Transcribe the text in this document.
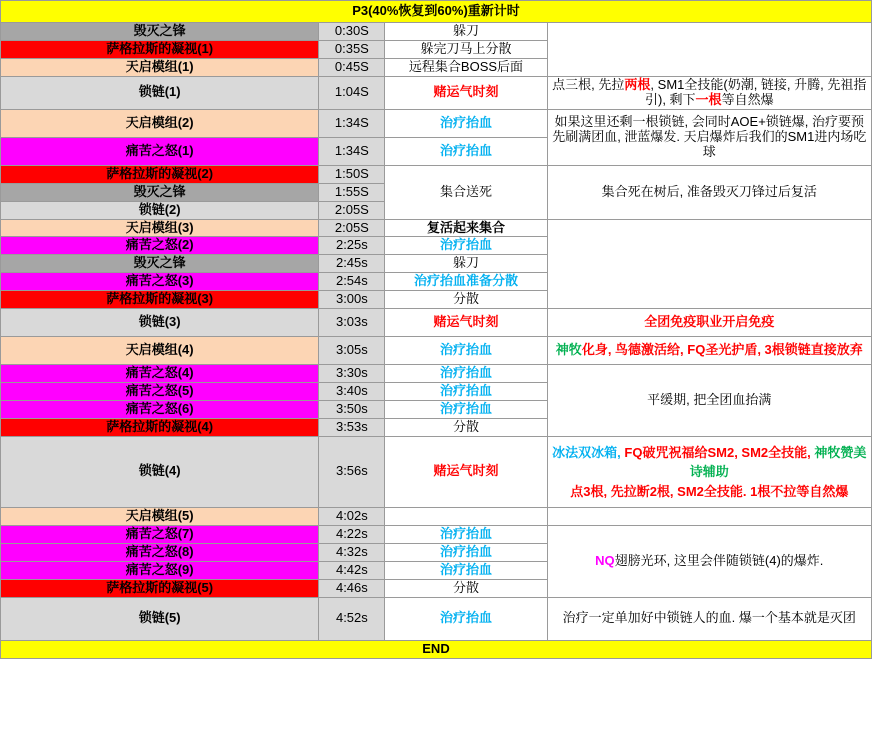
P3(40%恢复到60%)重新计时			
毁灭之锋	0:30S	躲刀	
萨格拉斯的凝视(1)	0:35S	躲完刀马上分散	
天启模组(1)	0:45S	远程集合BOSS后面	
锁链(1)	1:04S	赌运气时刻	点三根, 先拉两根, SM1全技能(奶潮, 链接, 升腾, 先祖指引), 剩下一根等自然爆
天启模组(2)	1:34S	治疗抬血	如果这里还剩一根锁链, 会同时AOE+锁链爆, 治疗要预先刷满团血, 泄蓝爆发. 天启爆炸后我们的SM1进内场吃球
痛苦之怒(1)	1:34S	治疗抬血	
萨格拉斯的凝视(2)	1:50S	集合送死	集合死在树后, 准备毁灭刀锋过后复活
毁灭之锋	1:55S		
锁链(2)	2:05S		
天启模组(3)	2:05S	复活起来集合	
痛苦之怒(2)	2:25s	治疗抬血	
毁灭之锋	2:45s	躲刀	
痛苦之怒(3)	2:54s	治疗抬血准备分散	
萨格拉斯的凝视(3)	3:00s	分散	
锁链(3)	3:03s	赌运气时刻	全团免疫职业开启免疫
天启模组(4)	3:05s	治疗抬血	神牧化身, 鸟德激活给, FQ圣光护盾, 3根锁链直接放弃
痛苦之怒(4)	3:30s	治疗抬血	平缓期, 把全团血抬满
痛苦之怒(5)	3:40s	治疗抬血	
痛苦之怒(6)	3:50s	治疗抬血	
萨格拉斯的凝视(4)	3:53s	分散	
锁链(4)	3:56s	赌运气时刻	冰法双冰箱, FQ破咒祝福给SM2, SM2全技能, 神牧赞美诗辅助
点3根, 先拉断2根, SM2全技能. 1根不拉等自然爆
天启模组(5)	4:02s		
痛苦之怒(7)	4:22s	治疗抬血	NQ翅膀光环, 这里会伴随锁链(4)的爆炸.
痛苦之怒(8)	4:32s	治疗抬血	
痛苦之怒(9)	4:42s	治疗抬血	
萨格拉斯的凝视(5)	4:46s	分散	
锁链(5)	4:52s	治疗抬血	治疗一定单加好中锁链人的血. 爆一个基本就是灭团
END			
